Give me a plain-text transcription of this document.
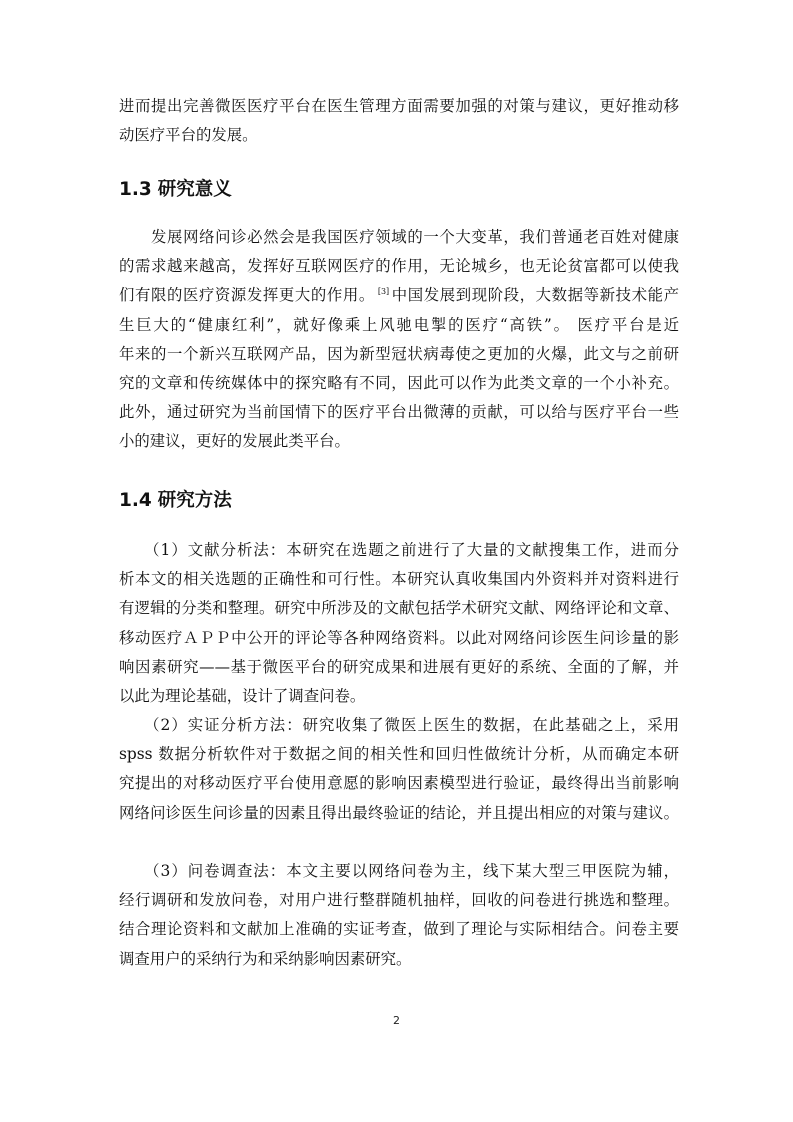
进而提出完善微医医疗平台在医生管理方面需要加强的对策与建议，更好推动移
动医疗平台的发展。

1.3 研究意义

　　发展网络问诊必然会是我国医疗领域的一个大变革，我们普通老百姓对健康
的需求越来越高，发挥好互联网医疗的作用，无论城乡，也无论贫富都可以使我
们有限的医疗资源发挥更大的作用。 [3] 中国发展到现阶段，大数据等新技术能产
生巨大的“健康红利”，就好像乘上风驰电掣的医疗“高铁”。 医疗平台是近
年来的一个新兴互联网产品，因为新型冠状病毒使之更加的火爆，此文与之前研
究的文章和传统媒体中的探究略有不同，因此可以作为此类文章的一个小补充。
此外，通过研究为当前国情下的医疗平台出微薄的贡献，可以给与医疗平台一些
小的建议，更好的发展此类平台。

1.4 研究方法

　　（1）文献分析法：本研究在选题之前进行了大量的文献搜集工作，进而分
析本文的相关选题的正确性和可行性。本研究认真收集国内外资料并对资料进行
有逻辑的分类和整理。研究中所涉及的文献包括学术研究文献、网络评论和文章、
移动医疗ＡＰＰ中公开的评论等各种网络资料。以此对网络问诊医生问诊量的影
响因素研究——基于微医平台的研究成果和进展有更好的系统、全面的了解，并
以此为理论基础，设计了调查问卷。

　　（2）实证分析方法：研究收集了微医上医生的数据，在此基础之上，采用
spss 数据分析软件对于数据之间的相关性和回归性做统计分析，从而确定本研
究提出的对移动医疗平台使用意愿的影响因素模型进行验证，最终得出当前影响
网络问诊医生问诊量的因素且得出最终验证的结论，并且提出相应的对策与建议。

　　（3）问卷调查法：本文主要以网络问卷为主，线下某大型三甲医院为辅，
经行调研和发放问卷，对用户进行整群随机抽样，回收的问卷进行挑选和整理。
结合理论资料和文献加上准确的实证考查，做到了理论与实际相结合。问卷主要
调查用户的采纳行为和采纳影响因素研究。

2
